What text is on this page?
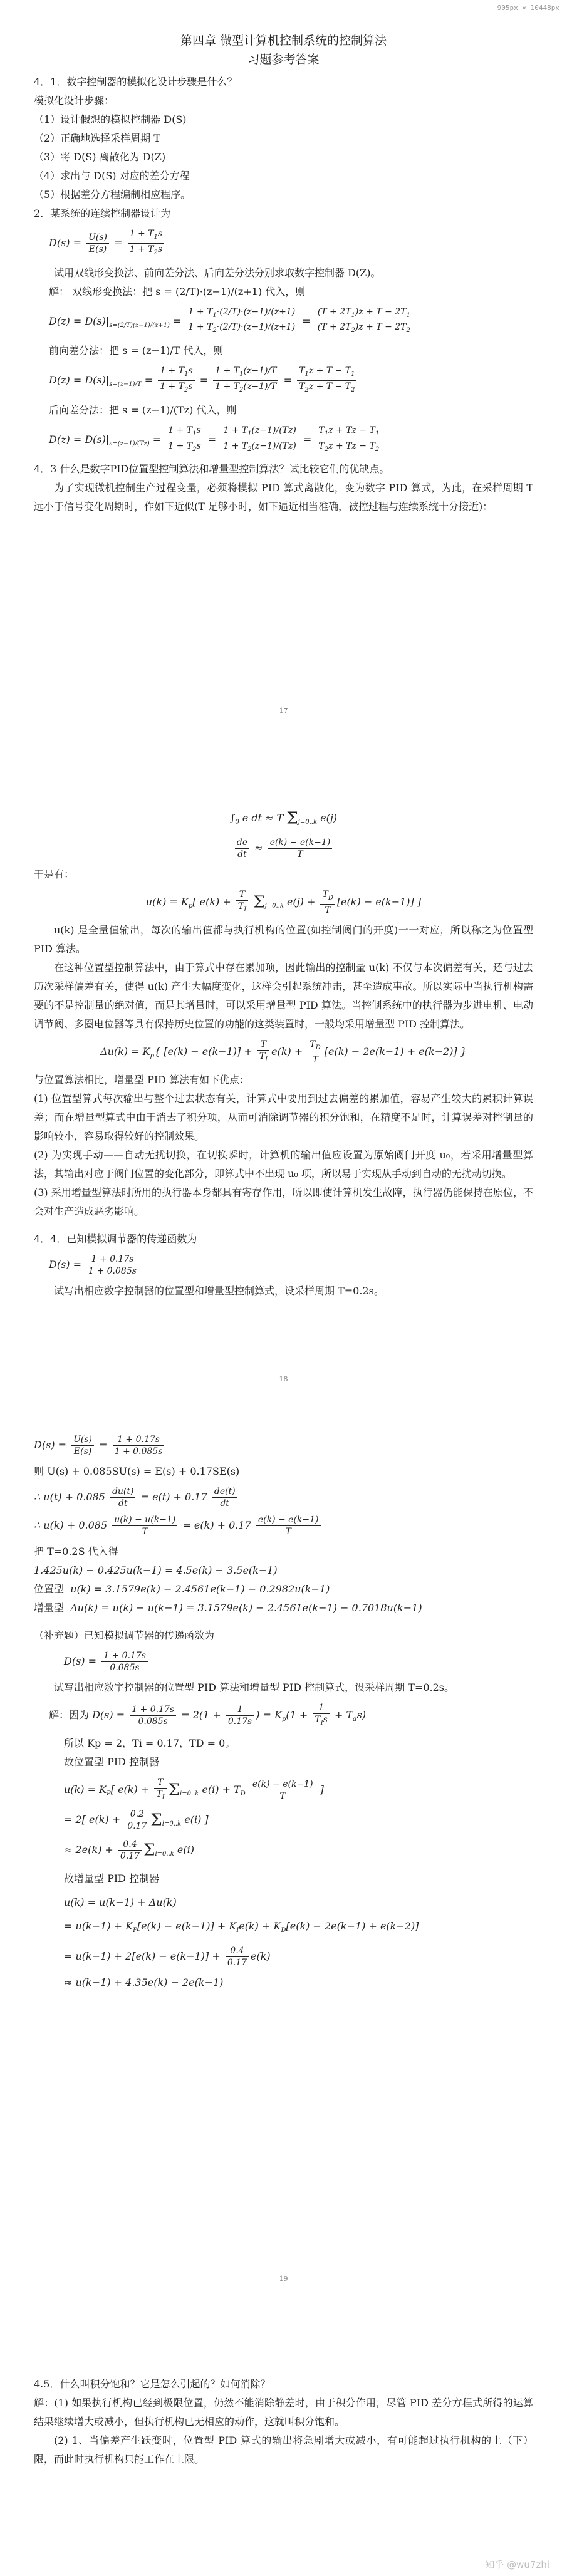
905px × 10448px

第四章 微型计算机控制系统的控制算法

习题参考答案

4．1．数字控制器的模拟化设计步骤是什么？

模拟化设计步骤：

（1）设计假想的模拟控制器 D(S)

（2）正确地选择采样周期 T

（3）将 D(S) 离散化为 D(Z)

（4）求出与 D(S) 对应的差分方程

（5）根据差分方程编制相应程序。

2．某系统的连续控制器设计为

$D(s) = \frac{U(s)}{E(s)} = \frac{1 + T_1s}{1 + T_2s}$

试用双线形变换法、前向差分法、后向差分法分别求取数字控制器 D(Z)。

解： 双线形变换法：把 s = (2/T)·(z−1)/(z+1) 代入，则

$D(z) = D(s)|_{s=(2/T)(z-1)/(z+1)} = \frac{1 + T_1\cdot(2/T)\cdot(z-1)/(z+1)}{1 + T_2\cdot(2/T)\cdot(z-1)/(z+1)} = \frac{(T + 2T_1)z + T - 2T_1}{(T + 2T_2)z + T - 2T_2}$

前向差分法：把 s = (z−1)/T 代入，则

$D(z) = D(s)|_{s=(z-1)/T} = \frac{1 + T_1s}{1 + T_2s} = \frac{1 + T_1(z-1)/T}{1 + T_2(z-1)/T} = \frac{T_1z + T - T_1}{T_2z + T - T_2}$

后向差分法：把 s = (z−1)/(Tz) 代入，则

$D(z) = D(s)|_{s=(z-1)/(Tz)} = \frac{1 + T_1s}{1 + T_2s} = \frac{1 + T_1(z-1)/(Tz)}{1 + T_2(z-1)/(Tz)} = \frac{T_1z + Tz - T_1}{T_2z + Tz - T_2}$

4．3 什么是数字PID位置型控制算法和增量型控制算法？试比较它们的优缺点。

为了实现微机控制生产过程变量，必须将模拟 PID 算式离散化，变为数字 PID 算式，为此，在采样周期 T 远小于信号变化周期时，作如下近似(T 足够小时，如下逼近相当准确，被控过程与连续系统十分接近)：

17
$\int_0$ e dt ≈ T $\Sigma_{j=0..k}$ e(j)
$\frac{de}{dt} \approx \frac{e(k) - e(k-1)}{T}$

于是有：

$u(k) = K_p$[ $e(k) + \frac{T}{T_I} \Sigma_{j=0..k}$ $e(j) + \frac{T_D}{T} [e(k) - e(k-1)]$ ]

u(k) 是全量值输出，每次的输出值都与执行机构的位置(如控制阀门的开度)一一对应，所以称之为位置型 PID 算法。

在这种位置型控制算法中，由于算式中存在累加项，因此输出的控制量 u(k) 不仅与本次偏差有关，还与过去历次采样偏差有关，使得 u(k) 产生大幅度变化，这样会引起系统冲击，甚至造成事故。所以实际中当执行机构需要的不是控制量的绝对值，而是其增量时，可以采用增量型 PID 算法。当控制系统中的执行器为步进电机、电动调节阀、多圈电位器等具有保持历史位置的功能的这类装置时，一般均采用增量型 PID 控制算法。

$\Delta u(k) = K_p${ $[e(k) - e(k-1)] + \frac{T}{T_I} e(k) + \frac{T_D}{T} [e(k) - 2e(k-1) + e(k-2)]$ }

与位置算法相比，增量型 PID 算法有如下优点：

(1) 位置型算式每次输出与整个过去状态有关，计算式中要用到过去偏差的累加值，容易产生较大的累积计算误差；而在增量型算式中由于消去了积分项，从而可消除调节器的积分饱和，在精度不足时，计算误差对控制量的影响较小，容易取得较好的控制效果。

(2) 为实现手动——自动无扰切换，在切换瞬时，计算机的输出值应设置为原始阀门开度 u₀，若采用增量型算法，其输出对应于阀门位置的变化部分，即算式中不出现 u₀ 项，所以易于实现从手动到自动的无扰动切换。

(3) 采用增量型算法时所用的执行器本身都具有寄存作用，所以即使计算机发生故障，执行器仍能保持在原位，不会对生产造成恶劣影响。

4．4．已知模拟调节器的传递函数为

$D(s) = \frac{1 + 0.17s}{1 + 0.085s}$

试写出相应数字控制器的位置型和增量型控制算式，设采样周期 T=0.2s。

18
$D(s) = \frac{U(s)}{E(s)} = \frac{1 + 0.17s}{1 + 0.085s}$

则 U(s) + 0.085SU(s) = E(s) + 0.17SE(s)

∴ $u(t) + 0.085 \frac{du(t)}{dt} = e(t) + 0.17 \frac{de(t)}{dt}$
∴ $u(k) + 0.085 \frac{u(k) - u(k-1)}{T} = e(k) + 0.17 \frac{e(k) - e(k-1)}{T}$

把 T=0.2S 代入得

1.425u(k) − 0.425u(k−1) = 4.5e(k) − 3.5e(k−1)

位置型 u(k) = 3.1579e(k) − 2.4561e(k−1) − 0.2982u(k−1)

增量型 Δu(k) = u(k) − u(k−1) = 3.1579e(k) − 2.4561e(k−1) − 0.7018u(k−1)

（补充题）已知模拟调节器的传递函数为

$D(s) = \frac{1 + 0.17s}{0.085s}$

试写出相应数字控制器的位置型 PID 算法和增量型 PID 控制算式，设采样周期 T=0.2s。

解：因为 $D(s) = \frac{1 + 0.17s}{0.085s} = 2(1 + \frac{1}{0.17s}$ ) = $K_p(1 + \frac{1}{T_Is} + T_ds)$

所以 Kp = 2，Ti = 0.17，TD = 0。

故位置型 PID 控制器

$u(k) = K_P$[ $e(k) + \frac{T}{T_I} \Sigma_{i=0..k}$ $e(i) + T_D \frac{e(k) - e(k-1)}{T}$ ]
= 2[ $e(k) + \frac{0.2}{0.17} \Sigma_{i=0..k}$ e(i) ]
≈ $2e(k) + \frac{0.4}{0.17} \Sigma_{i=0..k}$ e(i)

故增量型 PID 控制器

u(k) = u(k−1) + Δu(k)
= $u(k-1) + K_P[e(k) - e(k-1)] + K_Ie(k) + K_D[e(k) - 2e(k-1) + e(k-2)]$
= $u(k-1) + 2[e(k) - e(k-1)] + \frac{0.4}{0.17} e(k)$
≈ u(k−1) + 4.35e(k) − 2e(k−1)
19

4.5．什么叫积分饱和？它是怎么引起的？如何消除？

解：(1) 如果执行机构已经到极限位置，仍然不能消除静差时，由于积分作用，尽管 PID 差分方程式所得的运算结果继续增大或减小，但执行机构已无相应的动作，这就叫积分饱和。

(2) 1、当偏差产生跃变时，位置型 PID 算式的输出将急剧增大或减小，有可能超过执行机构的上（下）限，而此时执行机构只能工作在上限。

知乎 @wu7zhi
